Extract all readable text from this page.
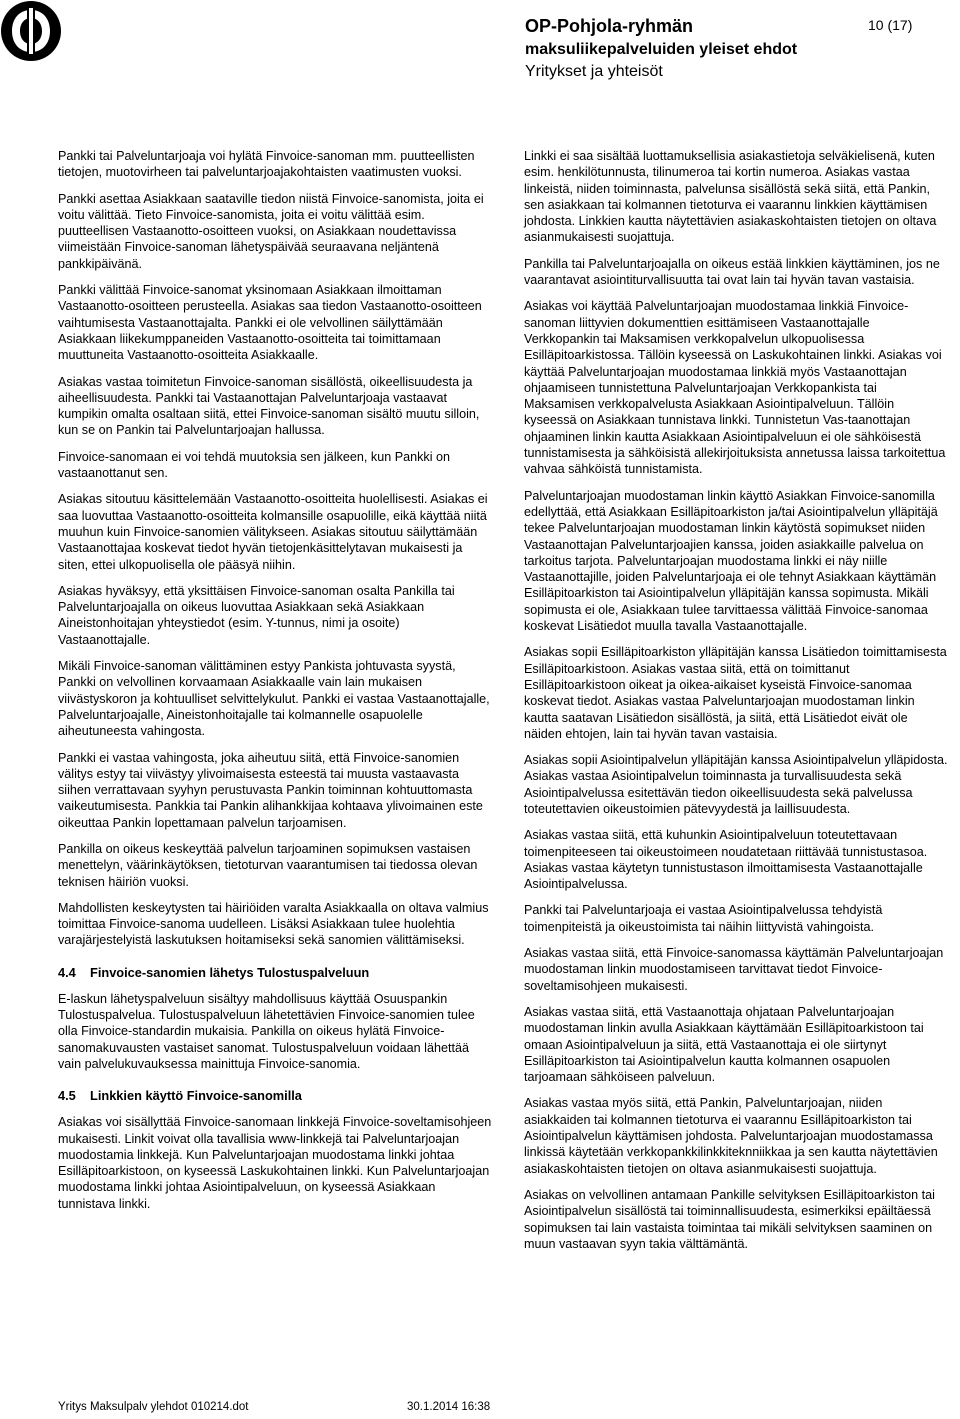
OP-Pohjola-ryhmän
maksuliikepalveluiden yleiset ehdot
Yritykset ja yhteisöt
10 (17)

Pankki tai Palveluntarjoaja voi hylätä Finvoice-sanoman mm. puutteellisten tietojen, muotovirheen tai palveluntarjoajakohtaisten vaatimusten vuoksi.

Pankki asettaa Asiakkaan saataville tiedon niistä Finvoice-sanomista, joita ei voitu välittää. Tieto Finvoice-sanomista, joita ei voitu välittää esim. puutteellisen Vastaanotto-osoitteen vuoksi, on Asiakkaan noudettavissa viimeistään Finvoice-sanoman lähetyspäivää seuraavana neljäntenä pankkipäivänä.

Pankki välittää Finvoice-sanomat yksinomaan Asiakkaan ilmoittaman Vastaanotto-osoitteen perusteella. Asiakas saa tiedon Vastaanotto-osoitteen vaihtumisesta Vastaanottajalta. Pankki ei ole velvollinen säilyttämään Asiakkaan liikekumppaneiden Vastaanotto-osoitteita tai toimittamaan muuttuneita Vastaanotto-osoitteita Asiakkaalle.

Asiakas vastaa toimitetun Finvoice-sanoman sisällöstä, oikeellisuudesta ja aiheellisuudesta. Pankki tai Vastaanottajan Palveluntarjoaja vastaavat kumpikin omalta osaltaan siitä, ettei Finvoice-sanoman sisältö muutu silloin, kun se on Pankin tai Palveluntarjoajan hallussa.

Finvoice-sanomaan ei voi tehdä muutoksia sen jälkeen, kun Pankki on vastaanottanut sen.

Asiakas sitoutuu käsittelemään Vastaanotto-osoitteita huolellisesti. Asiakas ei saa luovuttaa Vastaanotto-osoitteita kolmansille osapuolille, eikä käyttää niitä muuhun kuin Finvoice-sanomien välitykseen. Asiakas sitoutuu säilyttämään Vastaanottajaa koskevat tiedot hyvän tietojenkäsittelytavan mukaisesti ja siten, ettei ulkopuolisella ole pääsyä niihin.

Asiakas hyväksyy, että yksittäisen Finvoice-sanoman osalta Pankilla tai Palveluntarjoajalla on oikeus luovuttaa Asiakkaan sekä Asiakkaan Aineistonhoitajan yhteystiedot (esim. Y-tunnus, nimi ja osoite) Vastaanottajalle.

Mikäli Finvoice-sanoman välittäminen estyy Pankista johtuvasta syystä, Pankki on velvollinen korvaamaan Asiakkaalle vain lain mukaisen viivästyskoron ja kohtuulliset selvittelykulut. Pankki ei vastaa Vastaanottajalle, Palveluntarjoajalle, Aineistonhoitajalle tai kolmannelle osapuolelle aiheutuneesta vahingosta.

Pankki ei vastaa vahingosta, joka aiheutuu siitä, että Finvoice-sanomien välitys estyy tai viivästyy ylivoimaisesta esteestä tai muusta vastaavasta siihen verrattavaan syyhyn perustuvasta Pankin toiminnan kohtuuttomasta vaikeutumisesta. Pankkia tai Pankin alihankkijaa kohtaava ylivoimainen este oikeuttaa Pankin lopettamaan palvelun tarjoamisen.

Pankilla on oikeus keskeyttää palvelun tarjoaminen sopimuksen vastaisen menettelyn, väärinkäytöksen, tietoturvan vaarantumisen tai tiedossa olevan teknisen häiriön vuoksi.

Mahdollisten keskeytysten tai häiriöiden varalta Asiakkaalla on oltava valmius toimittaa Finvoice-sanoma uudelleen. Lisäksi Asiakkaan tulee huolehtia varajärjestelyistä laskutuksen hoitamiseksi sekä sanomien välittämiseksi.

4.4 Finvoice-sanomien lähetys Tulostuspalveluun

E-laskun lähetyspalveluun sisältyy mahdollisuus käyttää Osuuspankin Tulostuspalvelua. Tulostuspalveluun lähetettävien Finvoice-sanomien tulee olla Finvoice-standardin mukaisia. Pankilla on oikeus hylätä Finvoice-sanomakuvausten vastaiset sanomat. Tulostuspalveluun voidaan lähettää vain palvelukuvauksessa mainittuja Finvoice-sanomia.

4.5 Linkkien käyttö Finvoice-sanomilla

Asiakas voi sisällyttää Finvoice-sanomaan linkkejä Finvoice-soveltamisohjeen mukaisesti. Linkit voivat olla tavallisia www-linkkejä tai Palveluntarjoajan muodostamia linkkejä. Kun Palveluntarjoajan muodostama linkki johtaa Esilläpitoarkistoon, on kyseessä Laskukohtainen linkki. Kun Palveluntarjoajan muodostama linkki johtaa Asiointipalveluun, on kyseessä Asiakkaan tunnistava linkki.

Linkki ei saa sisältää luottamuksellisia asiakastietoja selväkielisenä, kuten esim. henkilötunnusta, tilinumeroa tai kortin numeroa. Asiakas vastaa linkeistä, niiden toiminnasta, palvelunsa sisällöstä sekä siitä, että Pankin, sen asiakkaan tai kolmannen tietoturva ei vaarannu linkkien käyttämisen johdosta. Linkkien kautta näytettävien asiakaskohtaisten tietojen on oltava asianmukaisesti suojattuja.

Pankilla tai Palveluntarjoajalla on oikeus estää linkkien käyttäminen, jos ne vaarantavat asiointiturvallisuutta tai ovat lain tai hyvän tavan vastaisia.

Asiakas voi käyttää Palveluntarjoajan muodostamaa linkkiä Finvoice-sanoman liittyvien dokumenttien esittämiseen Vastaanottajalle Verkkopankin tai Maksamisen verkkopalvelun ulkopuolisessa Esilläpitoarkistossa. Tällöin kyseessä on Laskukohtainen linkki. Asiakas voi käyttää Palveluntarjoajan muodostamaa linkkiä myös Vastaanottajan ohjaamiseen tunnistettuna Palveluntarjoajan Verkkopankista tai Maksamisen verkkopalvelusta Asiakkaan Asiointipalveluun. Tällöin kyseessä on Asiakkaan tunnistava linkki. Tunnistetun Vas-taanottajan ohjaaminen linkin kautta Asiakkaan Asiointipalveluun ei ole sähköisestä tunnistamisesta ja sähköisistä allekirjoituksista annetussa laissa tarkoitettua vahvaa sähköistä tunnistamista.

Palveluntarjoajan muodostaman linkin käyttö Asiakkan Finvoice-sanomilla edellyttää, että Asiakkaan Esilläpitoarkiston ja/tai Asiointipalvelun ylläpitäjä tekee Palveluntarjoajan muodostaman linkin käytöstä sopimukset niiden Vastaanottajan Palveluntarjoajien kanssa, joiden asiakkaille palvelua on tarkoitus tarjota. Palveluntarjoajan muodostama linkki ei näy niille Vastaanottajille, joiden Palveluntarjoaja ei ole tehnyt Asiakkaan käyttämän Esilläpitoarkiston tai Asiointipalvelun ylläpitäjän kanssa sopimusta. Mikäli sopimusta ei ole, Asiakkaan tulee tarvittaessa välittää Finvoice-sanomaa koskevat Lisätiedot muulla tavalla Vastaanottajalle.

Asiakas sopii Esilläpitoarkiston ylläpitäjän kanssa Lisätiedon toimittamisesta Esilläpitoarkistoon. Asiakas vastaa siitä, että on toimittanut Esilläpitoarkistoon oikeat ja oikea-aikaiset kyseistä Finvoice-sanomaa koskevat tiedot. Asiakas vastaa Palveluntarjoajan muodostaman linkin kautta saatavan Lisätiedon sisällöstä, ja siitä, että Lisätiedot eivät ole näiden ehtojen, lain tai hyvän tavan vastaisia.

Asiakas sopii Asiointipalvelun ylläpitäjän kanssa Asiointipalvelun ylläpidosta. Asiakas vastaa Asiointipalvelun toiminnasta ja turvallisuudesta sekä Asiointipalvelussa esitettävän tiedon oikeellisuudesta sekä palvelussa toteutettavien oikeustoimien pätevyydestä ja laillisuudesta.

Asiakas vastaa siitä, että kuhunkin Asiointipalveluun toteutettavaan toimenpiteeseen tai oikeustoimeen noudatetaan riittävää tunnistustasoa. Asiakas vastaa käytetyn tunnistustason ilmoittamisesta Vastaanottajalle Asiointipalvelussa.

Pankki tai Palveluntarjoaja ei vastaa Asiointipalvelussa tehdyistä toimenpiteistä ja oikeustoimista tai näihin liittyvistä vahingoista.

Asiakas vastaa siitä, että Finvoice-sanomassa käyttämän Palveluntarjoajan muodostaman linkin muodostamiseen tarvittavat tiedot Finvoice-soveltamisohjeen mukaisesti.

Asiakas vastaa siitä, että Vastaanottaja ohjataan Palveluntarjoajan muodostaman linkin avulla Asiakkaan käyttämään Esilläpitoarkistoon tai omaan Asiointipalveluun ja siitä, että Vastaanottaja ei ole siirtynyt Esilläpitoarkiston tai Asiointipalvelun kautta kolmannen osapuolen tarjoamaan sähköiseen palveluun.

Asiakas vastaa myös siitä, että Pankin, Palveluntarjoajan, niiden asiakkaiden tai kolmannen tietoturva ei vaarannu Esilläpitoarkiston tai Asiointipalvelun käyttämisen johdosta. Palveluntarjoajan muodostamassa linkissä käytetään verkkopankkilinkkiteknniikkaa ja sen kautta näytettävien asiakaskohtaisten tietojen on oltava asianmukaisesti suojattuja.

Asiakas on velvollinen antamaan Pankille selvityksen Esilläpitoarkiston tai Asiointipalvelun sisällöstä tai toiminnallisuudesta, esimerkiksi epäiltäessä sopimuksen tai lain vastaista toimintaa tai mikäli selvityksen saaminen on muun vastaavan syyn takia välttämäntä.

Yritys Maksulpalv ylehdot 010214.dot	30.1.2014 16:38
